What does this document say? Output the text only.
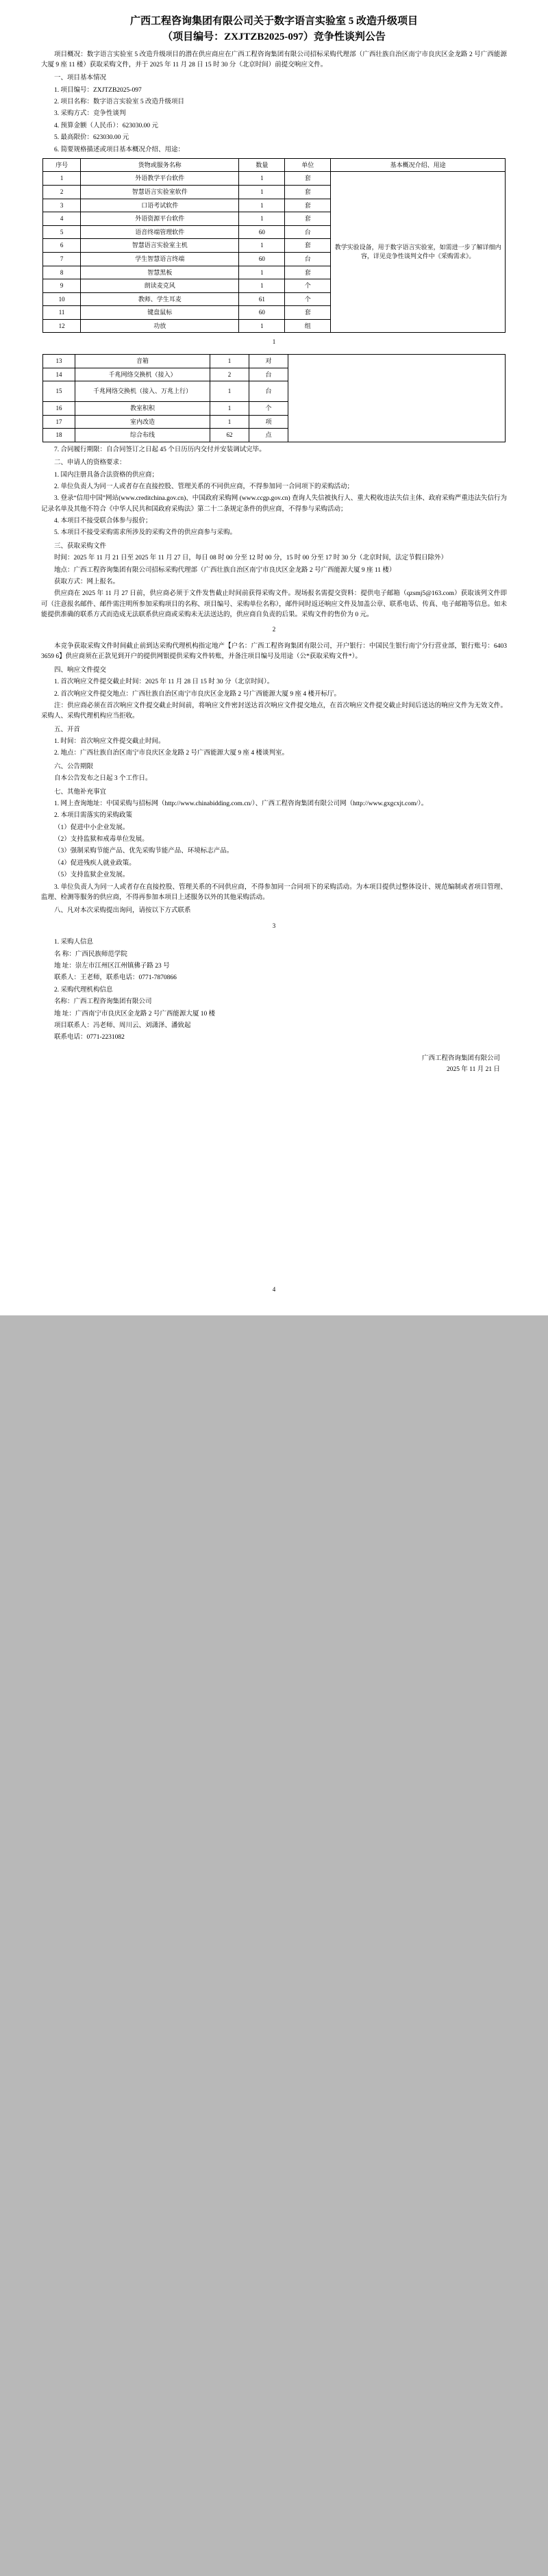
广西工程咨询集团有限公司关于数字语言实验室 5 改造升级项目
（项目编号：ZXJTZB2025-097）竞争性谈判公告

项目概况：数字语言实验室 5 改造升级项目的潜在供应商应在广西工程咨询集团有限公司招标采购代理部（广西壮族自治区南宁市良庆区金龙路 2 号广西能源大厦 9 座 11 楼）获取采购文件，并于 2025 年 11 月 28 日 15 时 30 分（北京时间）前提交响应文件。

一、项目基本情况

1. 项目编号：ZXJTZB2025-097

2. 项目名称：数字语言实验室 5 改造升级项目

3. 采购方式：竞争性谈判

4. 预算金额（人民币）：623030.00 元

5. 最高限价：623030.00 元

6. 简要规格描述或项目基本概况介绍、用途：

序号	货物或服务名称	数量	单位	基本概况介绍、用途
1	外语教学平台软件	1	套	教学实验设备，用于数字语言实验室，如需进一步了解详细内容，详见竞争性谈判文件中《采购需求》。
2	智慧语言实验室软件	1	套	
3	口语考试软件	1	套	
4	外语资源平台软件	1	套	
5	语音终端管理软件	60	台	
6	智慧语言实验室主机	1	套	
7	学生智慧语言终端	60	台	
8	智慧黑板	1	套	
9	朗读麦克风	1	个	
10	教师、学生耳麦	61	个	
11	键盘鼠标	60	套	
12	功放	1	组	
1
13	音箱	1	对	
14	千兆网络交换机（接入）	2	台	
15	千兆网络交换机（接入、万兆上行）	1	台	
16	教室积积	1	个	
17	室内改造	1	项	
18	综合布线	62	点	

7. 合同履行期限：自合同签订之日起 45 个日历历内交付并安装调试完毕。

二、申请人的资格要求：

1. 国内注册具备合法资格的供应商；

2. 单位负责人为同一人或者存在直接控股、管理关系的不同供应商，不得参加同一合同项下的采购活动；

3. 登录“信用中国”网站(www.creditchina.gov.cn)、中国政府采购网 (www.ccgp.gov.cn) 查询人失信被执行人、重大税收违法失信主体、政府采购严重违法失信行为记录名单及其他不符合《中华人民共和国政府采购法》第二十二条规定条件的供应商，不得参与采购活动；

4. 本项目不接受联合体参与报价；

5. 本项目不接受采购需求所涉及的采购文件的供应商参与采购。

三、获取采购文件

时间：2025 年 11 月 21 日至 2025 年 11 月 27 日，每日 08 时 00 分至 12 时 00 分，15 时 00 分至 17 时 30 分（北京时间，法定节假日除外）

地点：广西工程咨询集团有限公司招标采购代理部（广西壮族自治区南宁市良庆区金龙路 2 号广西能源大厦 9 座 11 楼）

获取方式：网上报名。

供应商在 2025 年 11 月 27 日前，供应商必须于文件发售截止时间前获得采购文件。现场报名需提交资料：提供电子邮箱（qzsmj5@163.com）获取该列文件即可（注意报名邮件、邮件需注明所参加采购项目的名称、项目编号、采购单位名称），邮件同时返还响应文件及加盖公章、联系电话、传真、电子邮箱等信息。如未能提供准确的联系方式而造成无法联系供应商或采购未无法送达的，供应商自负责的后果。采购文件的售价为 0 元。

2

本竞争获取采购文件时间截止前到达采购代理机构指定地产【户名：广西工程咨询集团有限公司，开户银行：中国民生银行南宁分行营业部，银行账号：6403 3659 6】供应商须在正款见到开户的提供网银提供采购文件转账，并备注项目编号及用途（公*获取采购文件*）。

四、响应文件提交

1. 首次响应文件提交截止时间：2025 年 11 月 28 日 15 时 30 分（北京时间）。

2. 首次响应文件提交地点：广西壮族自治区南宁市良庆区金龙路 2 号广西能源大厦 9 座 4 楼开标厅。

注：供应商必须在首次响应文件提交截止时间前，将响应文件密封送达首次响应文件提交地点，在首次响应文件提交截止时间后送达的响应文件为无效文件。采购人、采购代理机构应当拒收。

五、开首

1. 时间：首次响应文件提交截止时间。

2. 地点：广西壮族自治区南宁市良庆区金龙路 2 号广西能源大厦 9 座 4 楼谈判室。

六、公告期限

自本公告发布之日起 3 个工作日。

七、其他补充事宜

1. 网上查询地址：中国采购与招标网（http://www.chinabidding.com.cn/）、广西工程咨询集团有限公司网（http://www.gxgcxjt.com/）。

2. 本项目需落实的采购政策

（1）促进中小企业发展。

（2）支持监狱和戒毒单位发展。

（3）强制采购节能产品、优先采购节能产品、环境标志产品。

（4）促进残疾人就业政策。

（5）支持监狱企业发展。

3. 单位负责人为同一人或者存在直接控股、管理关系的不同供应商，不得参加同一合同项下的采购活动。为本项目提供过整体设计、规范编制或者项目管理、监理、检测等服务的供应商，不得再参加本项目上述服务以外的其他采购活动。

八、凡对本次采购提出询问，请按以下方式联系

3

1. 采购人信息

名 称：广西民族师范学院

地 址：崇左市江州区江州镇佛子路 23 号

联系人：王老师，联系电话：0771-7870866

2. 采购代理机构信息

名称：广西工程咨询集团有限公司

地 址：广西南宁市良庆区金龙路 2 号广西能源大厦 10 楼

项目联系人：冯老师、周川云、刘潇泽、潘致起

联系电话：0771-2231082

广西工程咨询集团有限公司
2025 年 11 月 21 日
4
